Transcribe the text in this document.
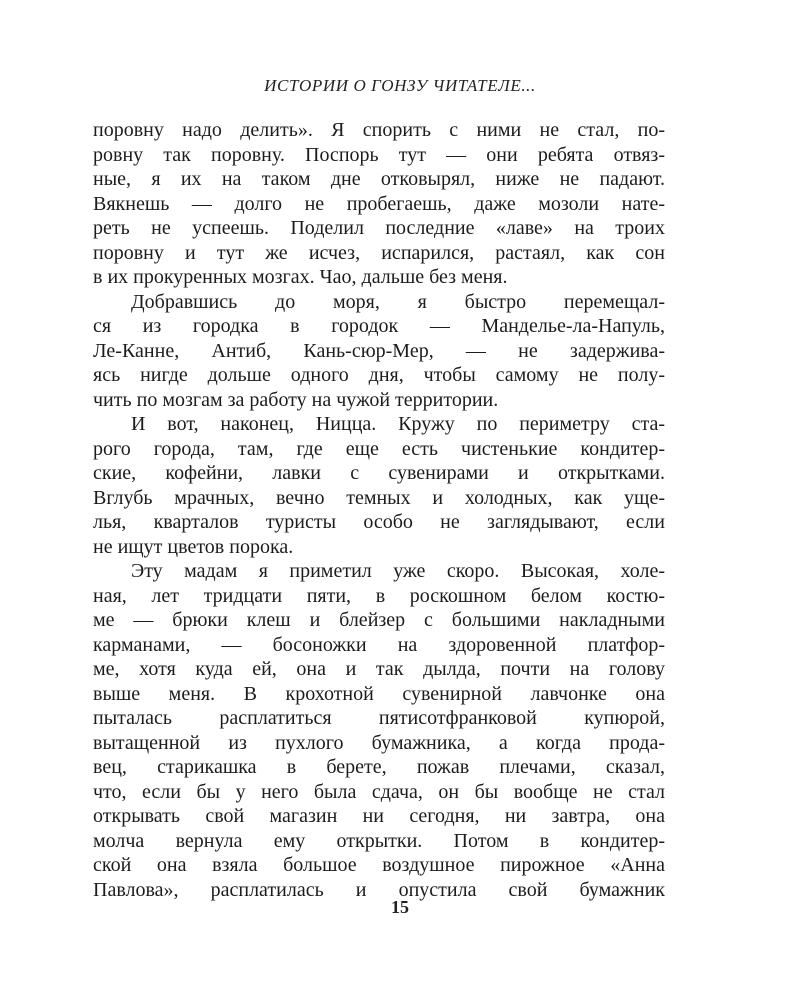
ИСТОРИИ О ГОНЗУ ЧИТАТЕЛЕ...
поровну надо делить». Я спорить с ними не стал, по-
ровну так поровну. Поспорь тут — они ребята отвяз-
ные, я их на таком дне отковырял, ниже не падают.
Вякнешь — долго не пробегаешь, даже мозоли нате-
реть не успеешь. Поделил последние «лаве» на троих
поровну и тут же исчез, испарился, растаял, как сон
в их прокуренных мозгах. Чао, дальше без меня.
Добравшись до моря, я быстро перемещал-
ся из городка в городок — Манделье-ла-Напуль,
Ле-Канне, Антиб, Кань-сюр-Мер, — не задержива-
ясь нигде дольше одного дня, чтобы самому не полу-
чить по мозгам за работу на чужой территории.
И вот, наконец, Ницца. Кружу по периметру ста-
рого города, там, где еще есть чистенькие кондитер-
ские, кофейни, лавки с сувенирами и открытками.
Вглубь мрачных, вечно темных и холодных, как уще-
лья, кварталов туристы особо не заглядывают, если
не ищут цветов порока.
Эту мадам я приметил уже скоро. Высокая, холе-
ная, лет тридцати пяти, в роскошном белом костю-
ме — брюки клеш и блейзер с большими накладными
карманами, — босоножки на здоровенной платфор-
ме, хотя куда ей, она и так дылда, почти на голову
выше меня. В крохотной сувенирной лавчонке она
пыталась расплатиться пятисотфранковой купюрой,
вытащенной из пухлого бумажника, а когда прода-
вец, старикашка в берете, пожав плечами, сказал,
что, если бы у него была сдача, он бы вообще не стал
открывать свой магазин ни сегодня, ни завтра, она
молча вернула ему открытки. Потом в кондитер-
ской она взяла большое воздушное пирожное «Анна
Павлова», расплатилась и опустила свой бумажник
15
